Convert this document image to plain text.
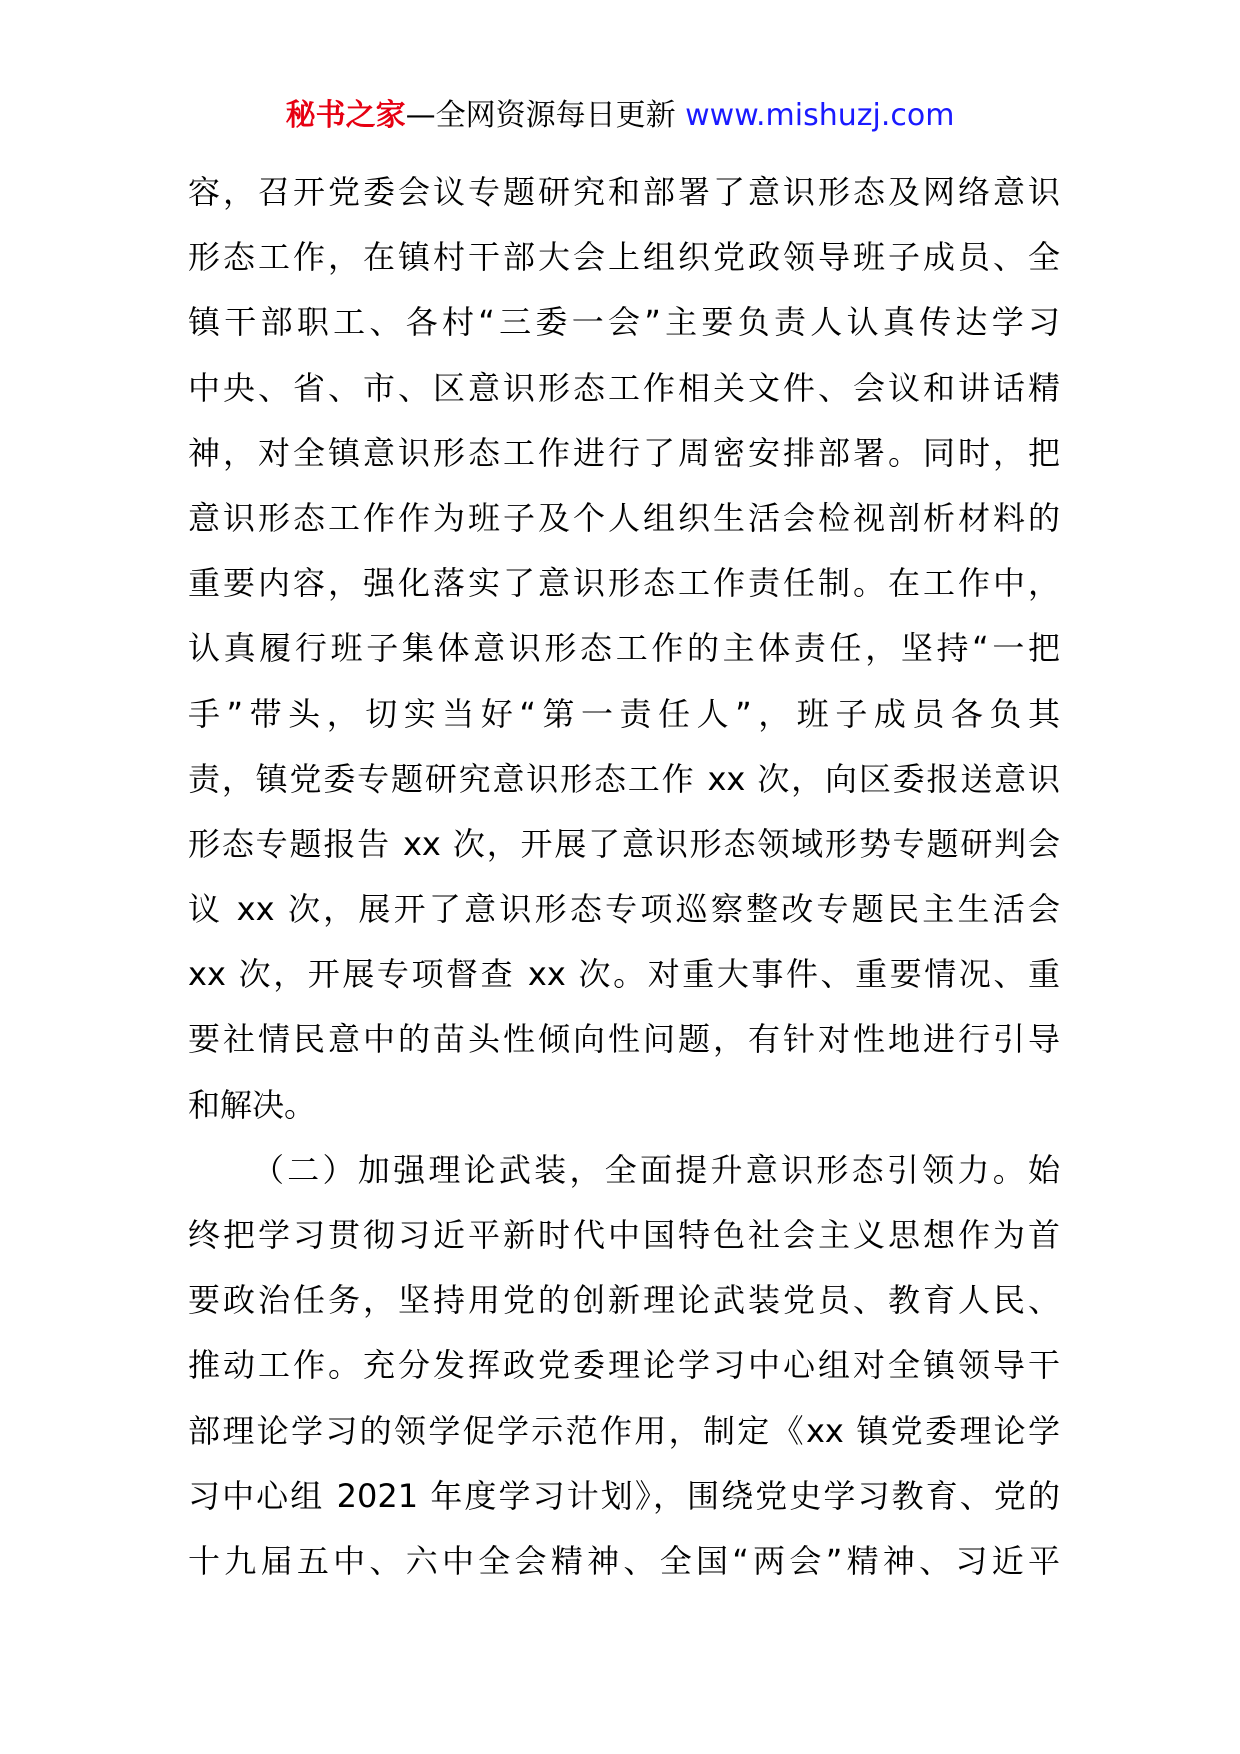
秘书之家—全网资源每日更新 www.mishuzj.com
容，召开党委会议专题研究和部署了意识形态及网络意识
形态工作，在镇村干部大会上组织党政领导班子成员、全
镇干部职工、各村“三委一会”主要负责人认真传达学习
中央、省、市、区意识形态工作相关文件、会议和讲话精
神，对全镇意识形态工作进行了周密安排部署。同时，把
意识形态工作作为班子及个人组织生活会检视剖析材料的
重要内容，强化落实了意识形态工作责任制。在工作中，
认真履行班子集体意识形态工作的主体责任，坚持“一把
手”带头，切实当好“第一责任人”，班子成员各负其
责，镇党委专题研究意识形态工作 xx 次，向区委报送意识
形态专题报告 xx 次，开展了意识形态领域形势专题研判会
议 xx 次，展开了意识形态专项巡察整改专题民主生活会
xx 次，开展专项督查 xx 次。对重大事件、重要情况、重
要社情民意中的苗头性倾向性问题，有针对性地进行引导
和解决。
（二）加强理论武装，全面提升意识形态引领力。始
终把学习贯彻习近平新时代中国特色社会主义思想作为首
要政治任务，坚持用党的创新理论武装党员、教育人民、
推动工作。充分发挥政党委理论学习中心组对全镇领导干
部理论学习的领学促学示范作用，制定《xx 镇党委理论学
习中心组 2021 年度学习计划》，围绕党史学习教育、党的
十九届五中、六中全会精神、全国“两会”精神、习近平
